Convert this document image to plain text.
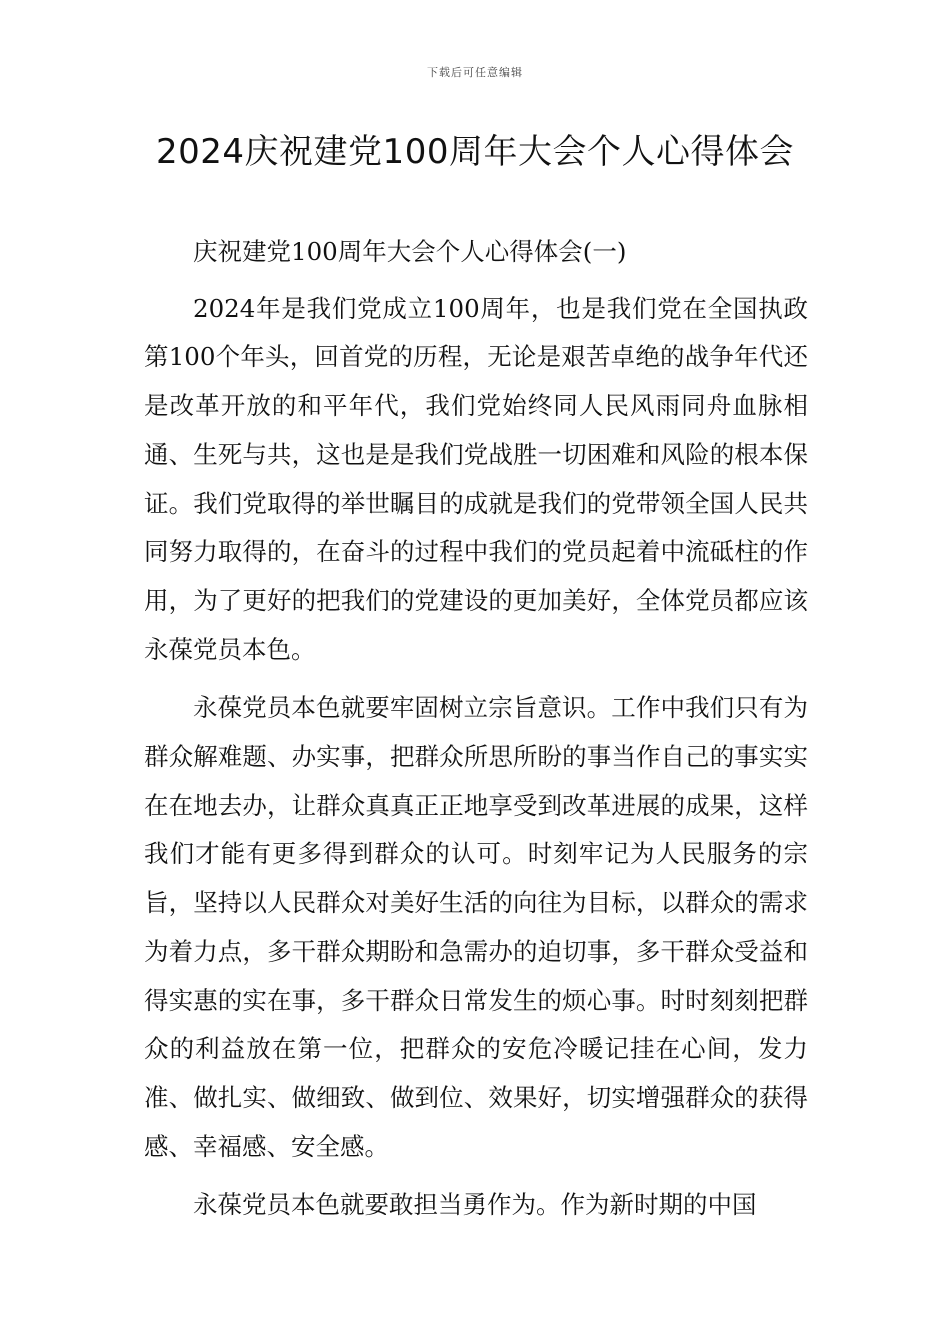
下载后可任意编辑
2024庆祝建党100周年大会个人心得体会

庆祝建党100周年大会个人心得体会(一)

2024年是我们党成立100周年，也是我们党在全国执政第100个年头，回首党的历程，无论是艰苦卓绝的战争年代还是改革开放的和平年代，我们党始终同人民风雨同舟血脉相通、生死与共，这也是是我们党战胜一切困难和风险的根本保证。我们党取得的举世瞩目的成就是我们的党带领全国人民共同努力取得的，在奋斗的过程中我们的党员起着中流砥柱的作用，为了更好的把我们的党建设的更加美好，全体党员都应该永葆党员本色。

永葆党员本色就要牢固树立宗旨意识。工作中我们只有为群众解难题、办实事，把群众所思所盼的事当作自己的事实实在在地去办，让群众真真正正地享受到改革进展的成果，这样我们才能有更多得到群众的认可。时刻牢记为人民服务的宗旨，坚持以人民群众对美好生活的向往为目标，以群众的需求为着力点，多干群众期盼和急需办的迫切事，多干群众受益和得实惠的实在事，多干群众日常发生的烦心事。时时刻刻把群众的利益放在第一位，把群众的安危冷暖记挂在心间，发力准、做扎实、做细致、做到位、效果好，切实增强群众的获得感、幸福感、安全感。

永葆党员本色就要敢担当勇作为。作为新时期的中国
